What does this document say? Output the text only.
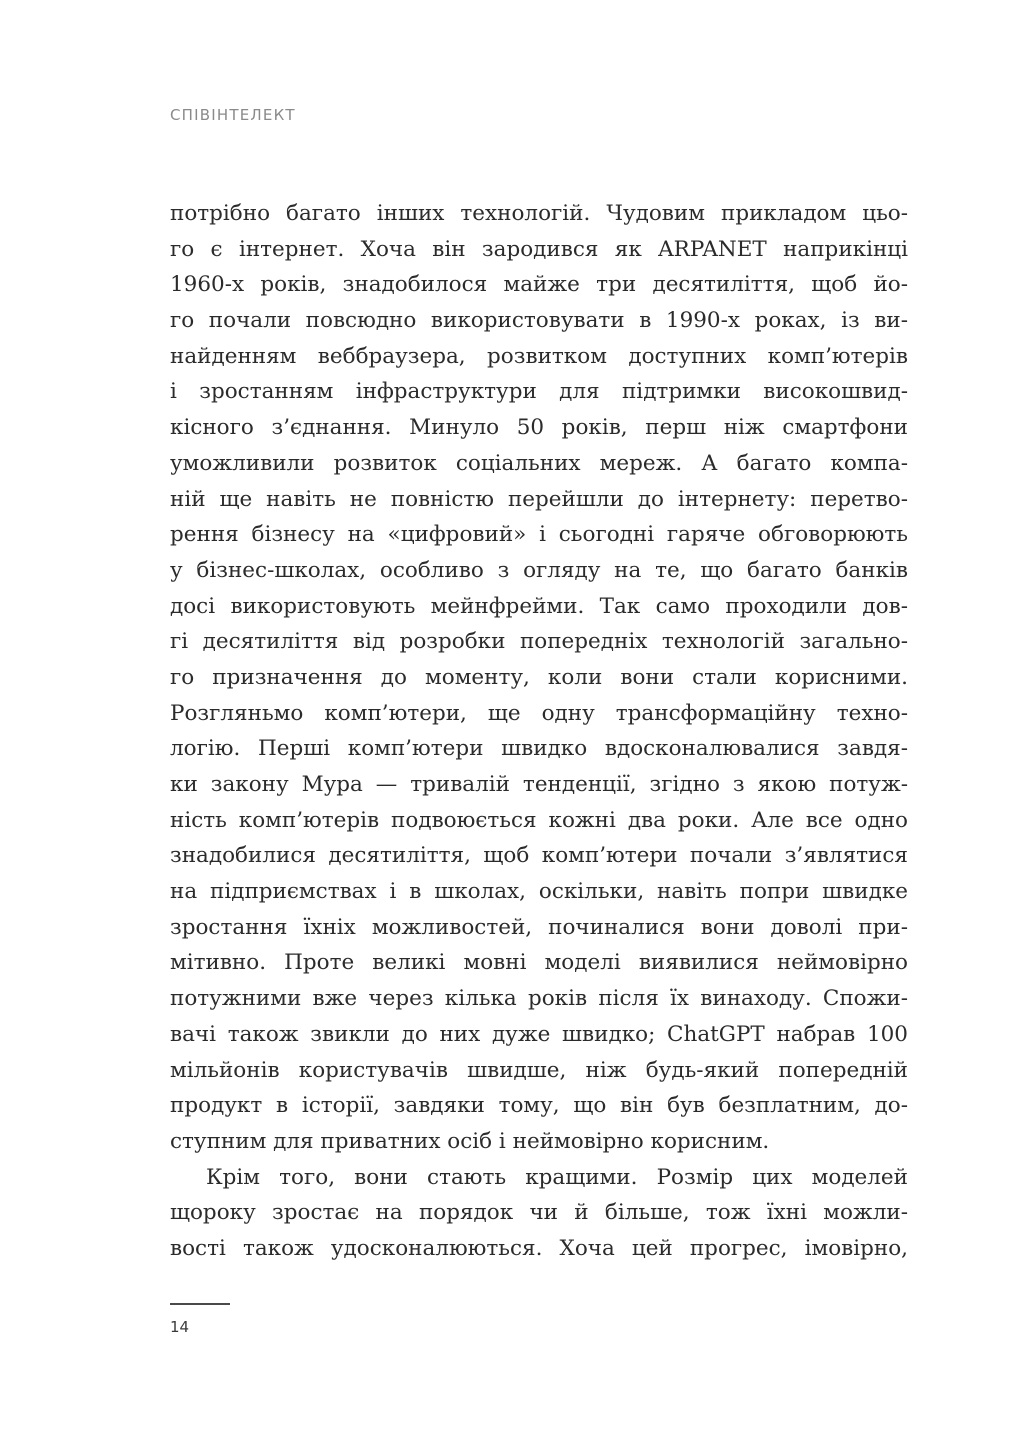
СПІВІНТЕЛЕКТ
потрібно багато інших технологій. Чудовим прикладом цьо-
го є інтернет. Хоча він зародився як ARPANET наприкінці
1960-х років, знадобилося майже три десятиліття, щоб йо-
го почали повсюдно використовувати в 1990-х роках, із ви-
найденням веббраузера, розвитком доступних комп’ютерів
і зростанням інфраструктури для підтримки високошвид-
кісного з’єднання. Минуло 50 років, перш ніж смартфони
уможливили розвиток соціальних мереж. А багато компа-
ній ще навіть не повністю перейшли до інтернету: перетво-
рення бізнесу на «цифровий» і сьогодні гаряче обговорюють
у бізнес-школах, особливо з огляду на те, що багато банків
досі використовують мейнфрейми. Так само проходили дов-
гі десятиліття від розробки попередніх технологій загально-
го призначення до моменту, коли вони стали корисними.
Розгляньмо комп’ютери, ще одну трансформаційну техно-
логію. Перші комп’ютери швидко вдосконалювалися завдя-
ки закону Мура — тривалій тенденції, згідно з якою потуж-
ність комп’ютерів подвоюється кожні два роки. Але все одно
знадобилися десятиліття, щоб комп’ютери почали з’являтися
на підприємствах і в школах, оскільки, навіть попри швидке
зростання їхніх можливостей, починалися вони доволі при-
мітивно. Проте великі мовні моделі виявилися неймовірно
потужними вже через кілька років після їх винаходу. Спожи-
вачі також звикли до них дуже швидко; ChatGPT набрав 100
мільйонів користувачів швидше, ніж будь-який попередній
продукт в історії, завдяки тому, що він був безплатним, до-
ступним для приватних осіб і неймовірно корисним.
Крім того, вони стають кращими. Розмір цих моделей
щороку зростає на порядок чи й більше, тож їхні можли-
вості також удосконалюються. Хоча цей прогрес, імовірно,
14
